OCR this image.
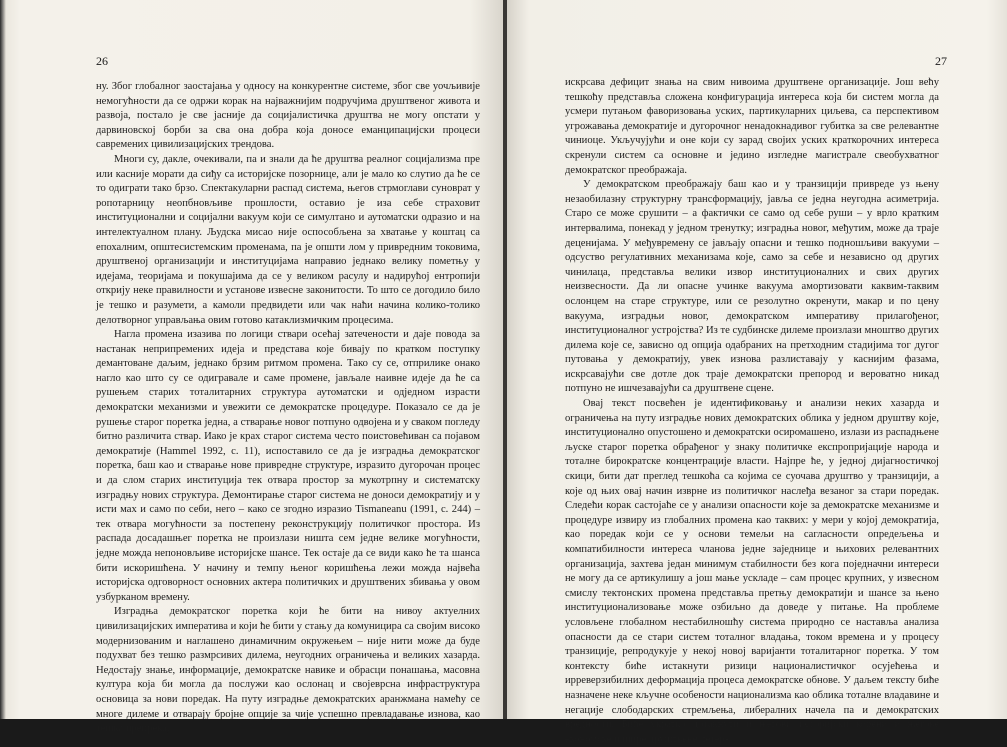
26

ну. Због глобалног заостајања у односу на конкурентне системе, због све уочљивије немогућности да се одржи корак на најважнијим подручјима друштвеног живота и развоја, постало је све јасније да социјалистичка друштва не могу опстати у дарвиновској борби за сва она добра која доносе еманципацијски процеси савремених цивилизацијских трендова.

Многи су, дакле, очекивали, па и знали да ће друштва реалног социјализма пре или касније морати да сиђу са историјске позорнице, али је мало ко слутио да ће се то одиграти тако брзо. Спектакуларни распад система, његов стрмоглави суноврат у ропотарницу неопбновљиве прошлости, оставио је иза себе страховит институционални и социјални вакуум који се симултано и аутоматски одразио и на интелектуалном плану. Људска мисао није оспособљена за хватање у коштац са епохалним, општесистемским променама, па је општи лом у привредним токовима, друштвеној организацији и институцијама направио једнако велику пометњу у идејама, теоријама и покушајима да се у великом расулу и надирућој ентропији открију неке правилности и установе извесне законитости. То што се догодило било је тешко и разумети, а камоли предвидети или чак наћи начина колико-толико делотворног управљања овим готово катаклизмичким процесима.

Нагла промена изазива по логици ствари осећај затечености и даје повода за настанак неприпремених идеја и представа које бивају по кратком поступку демантоване даљим, једнако брзим ритмом промена. Тако су се, отприлике онако нагло као што су се одигравале и саме промене, јављале наивне идеје да ће са рушењем старих тоталитарних структура аутоматски и одједном израсти демократски механизми и увежити се демократске процедуре. Показало се да је рушење старог поретка једна, а стварање новог потпуно одвојена и у сваком погледу битно различита ствар. Иако је крах старог система често поистовећиван са појавом демократије (Hammel 1992, с. 11), испоставило се да је изградња демократског поретка, баш као и стварање нове привредне структуре, изразито дугорочан процес и да слом старих институција тек отвара простор за мукотрпну и систематску изградњу нових структура. Демонтирање старог система не доноси демократију и у исти мах и само по себи, него – како се згодно изразио Tismaneanu (1991, с. 244) – тек отвара могућности за постепену реконструкцију политичког простора. Из распада досадашњег поретка не произлази ништа сем једне велике могућности, једне можда непоновљиве историјске шансе. Тек остаје да се види како ће та шанса бити искоришћена. У начину и темпу њеног коришћења лежи можда највећа историјска одговорност основних актера политичких и друштвених збивања у овом узбурканом времену.

Изградња демократског поретка који ће бити на нивоу актуелних цивилизацијских императива и који ће бити у стању да комуницира са својим високо модернизованим и наглашено динамичним окружењем – није нити може да буде подухват без тешко размрсивих дилема, неугодних ограничења и великих хазарда. Недостају знање, информације, демократске навике и обрасци понашања, масовна култура која би могла да послужи као ослонац и својеврсна инфраструктура основица за нови поредак. На путу изградње демократских аранжмана намећу се многе дилеме и отварају бројне опције за чије успешно превладавање изнова, као тешка препрека,

27

искрсава дефицит знања на свим нивоима друштвене организације. Још већу тешкоћу представља сложена конфигурација интереса која би систем могла да усмери путањом фаворизовања уских, партикуларних циљева, са перспективом угрожавања демократије и дугорочног ненадокнадивог губитка за све релевантне чиниоце. Укључујући и оне који су зарад својих уских краткорочних интереса скренули систем са основне и једино изгледне магистрале свеобухватног демократског преображаја.

У демократском преображају баш као и у транзицији привреде уз њену незаобилазну структурну трансформацију, јавља се једна неугодна асиметрија. Старо се може срушити – а фактички се само од себе руши – у врло кратким интервалима, понекад у једном тренутку; изградња новог, међутим, може да траје деценијама. У међувремену се јављају опасни и тешко подношљиви вакууми – одсуство регулативних механизама које, само за себе и независно од других чинилаца, представља велики извор институционалних и свих других неизвесности. Да ли опасне учинке вакуума амортизовати каквим-таквим ослонцем на старе структуре, или се резолутно окренути, макар и по цену вакуума, изградњи новог, демократском императиву прилагођеног, институционалног устројства? Из те судбинске дилеме произлази мноштво других дилема које се, зависно од опција одабраних на претходним стадијима тог дугог путовања у демократију, увек изнова разлиставају у каснијим фазама, искрсавајући све дотле док траје демократски препород и вероватно никад потпуно не ишчезавајући са друштвене сцене.

Овај текст посвећен је идентификовању и анализи неких хазарда и ограничења на путу изградње нових демократских облика у једном друштву које, институционално опустошено и демократски осиромашено, излази из распадњене љуске старог поретка обрађеног у знаку политичке експропријације народа и тоталне бирократске концентрације власти. Најпре ће, у једној дијагностичкој скици, бити дат преглед тешкоћа са којима се суочава друштво у транзицији, а које од њих овај начин изврне из политичког наслеђа везаног за стари поредак. Следећи корак састојаће се у анализи опасности које за демократске механизме и процедуре извиру из глобалних промена као таквих: у мери у којој демократија, као поредак који се у основи темељи на сагласности опредељења и компатибилности интереса чланова једне заједнице и њихових релевантних организација, захтева један минимум стабилности без кога поједначни интереси не могу да се артикулишу а још мање ускладе – сам процес крупних, у извесном смислу тектонских промена представља претњу демократији и шансе за њено институционализовање може озбиљно да доведе у питање. На проблеме условљене глобалном нестабилношћу система природно се наставља анализа опасности да се стари систем тоталног владања, током времена и у процесу транзиције, репродукује у некој новој варијанти тоталитарног поретка. У том контексту биће истакнути ризици националистичког осујећења и ирреверзибилних деформација процеса демократске обнове. У даљем тексту биће назначене неке кључне особености национализма као облика тоталне владавине и негације слободарских стремљења, либералних начела па и демократских вредности. Биће укратко дотакнути и његови историјски корени и његове економске и шире друштвене детер-
